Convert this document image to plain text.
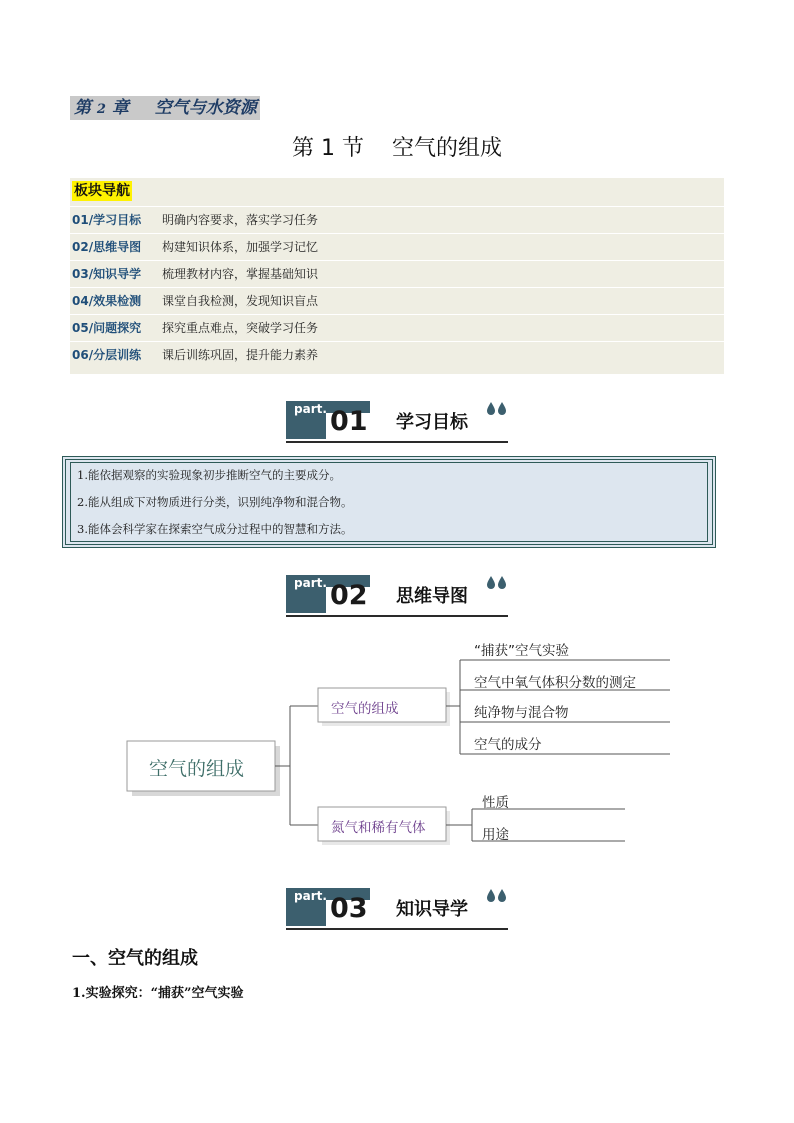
第 2 章 空气与水资源
第 1 节    空气的组成
板块导航
01/学习目标 明确内容要求，落实学习任务
02/思维导图 构建知识体系，加强学习记忆
03/知识导学 梳理教材内容，掌握基础知识
04/效果检测 课堂自我检测，发现知识盲点
05/问题探究 探究重点难点，突破学习任务
06/分层训练 课后训练巩固，提升能力素养
part. 01 学习目标
1.能依据观察的实验现象初步推断空气的主要成分。
2.能从组成下对物质进行分类，识别纯净物和混合物。
3.能体会科学家在探索空气成分过程中的智慧和方法。
part. 02 思维导图
空气的组成
空气的组成
氮气和稀有气体
“捕获”空气实验
空气中氧气体积分数的测定
纯净物与混合物
空气的成分
性质
用途
part. 03 知识导学
一、空气的组成
1.实验探究：“捕获”空气实验
